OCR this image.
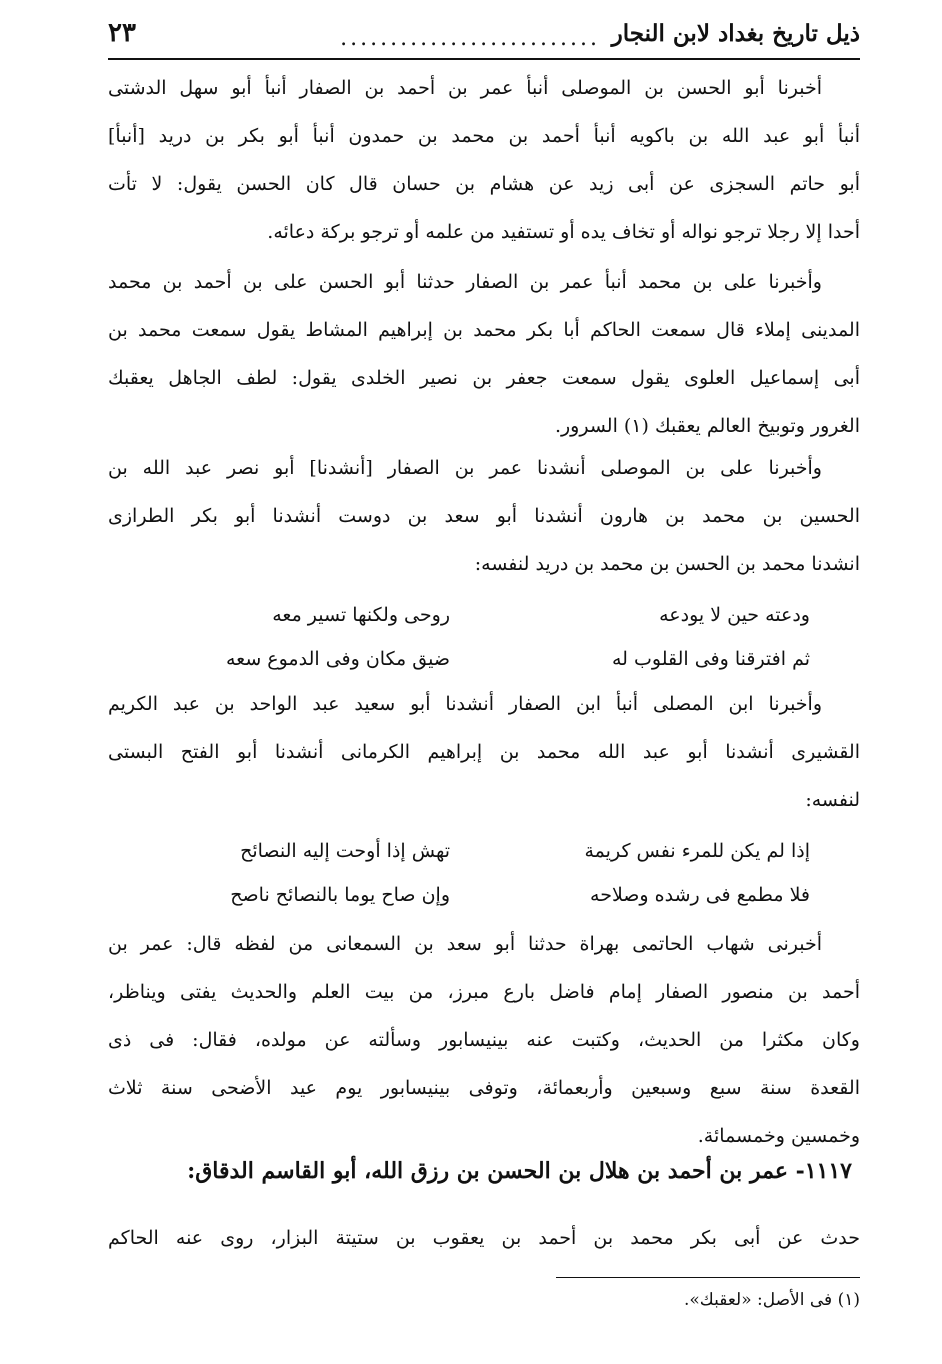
ذيل تاريخ بغداد لابن النجار
..........................
٢٣
أخبرنا أبو الحسن بن الموصلى أنبأ عمر بن أحمد بن الصفار أنبأ أبو سهل الدشتى
أنبأ أبو عبد الله بن باكويه أنبأ أحمد بن محمد بن حمدون أنبأ أبو بكر بن دريد [أنبأ]
أبو حاتم السجزى عن أبى زيد عن هشام بن حسان قال كان الحسن يقول: لا تأت
أحدا إلا رجلا ترجو نواله أو تخاف يده أو تستفيد من علمه أو ترجو بركة دعائه.
وأخبرنا على بن محمد أنبأ عمر بن الصفار حدثنا أبو الحسن على بن أحمد بن محمد
المدينى إملاء قال سمعت الحاكم أبا بكر محمد بن إبراهيم المشاط يقول سمعت محمد بن
أبى إسماعيل العلوى يقول سمعت جعفر بن نصير الخلدى يقول: لطف الجاهل يعقبك
الغرور وتوبيخ العالم يعقبك (١) السرور.
وأخبرنا على بن الموصلى أنشدنا عمر بن الصفار [أنشدنا] أبو نصر عبد الله بن
الحسين بن محمد بن هارون أنشدنا أبو سعد بن دوست أنشدنا أبو بكر الطرازى
انشدنا محمد بن الحسن بن محمد بن دريد لنفسه:
ودعته حين لا يودعه
روحى ولكنها تسير معه
ثم افترقنا وفى القلوب له
ضيق مكان وفى الدموع سعه
وأخبرنا ابن المصلى أنبأ ابن الصفار أنشدنا أبو سعيد عبد الواحد بن عبد الكريم
القشيرى أنشدنا أبو عبد الله محمد بن إبراهيم الكرمانى أنشدنا أبو الفتح البستى
لنفسه:
إذا لم يكن للمرء نفس كريمة
تهش إذا أوحت إليه النصائح
فلا مطمع فى رشده وصلاحه
وإن صاح يوما بالنصائح ناصح
أخبرنى شهاب الحاتمى بهراة حدثنا أبو سعد بن السمعانى من لفظه قال: عمر بن
أحمد بن منصور الصفار إمام فاضل بارع مبرز، من بيت العلم والحديث يفتى ويناظر،
وكان مكثرا من الحديث، وكتبت عنه بينيسابور وسألته عن مولده، فقال: فى ذى
القعدة سنة سبع وسبعين وأربعمائة، وتوفى بينيسابور يوم عيد الأضحى سنة ثلاث
وخمسين وخمسمائة.
١١١٧- عمر بن أحمد بن هلال بن الحسن بن رزق الله، أبو القاسم الدقاق:
حدث عن أبى بكر محمد بن أحمد بن يعقوب بن ستيتة البزار، روى عنه الحاكم
(١) فى الأصل: «لعقبك».
